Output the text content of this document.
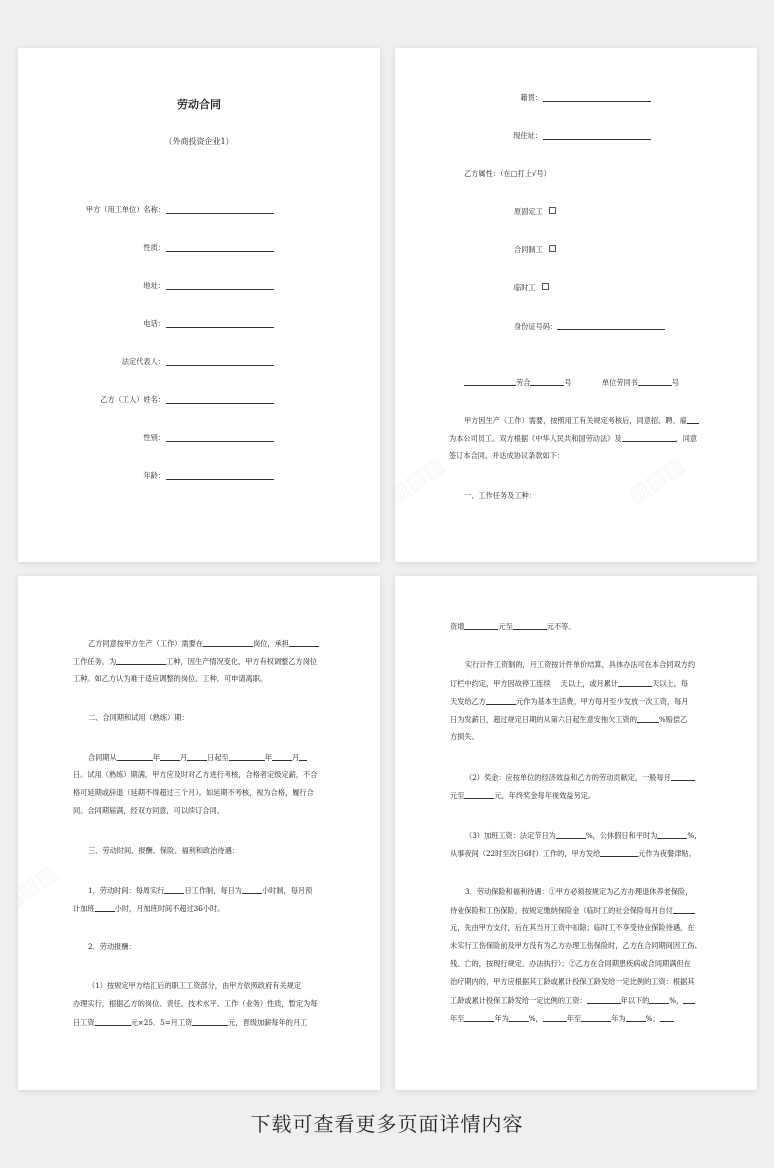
劳动合同
（外商投资企业1）
甲方（用工单位）名称：
性质：
地址：
电话：
法定代表人：
乙方（工人）姓名：
性别：
年龄：
籍贯：
现住址：
乙方属性：（在□打上√号）
原固定工
合同制工
临时工
身份证号码：
劳合	号	单位劳同书	号
甲方因生产（工作）需要，按照用工有关规定考核后，同意招、聘、雇
为本公司员工。双方根据《中华人民共和国劳动法》及	，同意
签订本合同，并达成协议条款如下：
一、工作任务及工种：
乙方同意按甲方生产（工作）需要在	岗位，承担
工作任务，为	工种，因生产情况变化，甲方有权调整乙方岗位
工种。如乙方认为难于适应调整的岗位、工种，可申请离职。
二、合同期和试用（熟练）期：
合同期从	年	月	日起至	年	月
日。试用（熟练）期满，甲方应及时对乙方进行考核，合格者定级定薪，不合
格可延期或辞退（延期不得超过三个月）。如延期不考核，视为合格，履行合
同。合同期届满，经双方同意，可以续订合同。
三、劳动时间、报酬、保险、福利和政治待遇：
1．劳动时间：每周实行	日工作制，每日为	小时制，每月预
计加班	小时，月加班时间不超过36小时。
2．劳动报酬：
（1）按规定甲方结汇后的职工工资部分，由甲方依照政府有关规定
办理实行，根据乙方的岗位、责任、技术水平、工作（业务）性质，暂定为每
日工资	元×25．5=月工资	元，晋级加薪每年的月工
资增	元至	元不等。
实行计件工资制的，月工资按计件单价结算，具体办法可在本合同双方约
订栏中约定，甲方因故停工连续 天以上，或月累计	天以上，每
天发给乙方	元作为基本生活费。甲方每月至少发放一次工资，每月
日为发薪日，超过规定日期的从第六日起生意安拖欠工资的	%赔偿乙
方损失。
（2）奖金：应按单位的经济效益和乙方的劳动贡献定，一般每月
元至	元，年终奖金每年视效益另定。
（3）加班工资：法定节日为	%，公休假日和平时为	%，
从事夜间（22时至次日6时）工作的，甲方发给	元作为夜餐津贴。
3．劳动保险和福利待遇：①甲方必须按规定为乙方办理退休养老保险，
待业保险和工伤保险，按规定缴纳保险金（临时工的社会保险每月自付
元，先由甲方支付，后在其当月工资中扣除；临时工不享受待业保险待遇，在
未实行工伤保险前及甲方没有为乙方办理工伤保险时，乙方在合同期间因工伤、
残、亡的，按现行规定、办法执行）；②乙方在合同期患疾病或合同期满但在
治疗期内的，甲方应根据其工龄或累计投保工龄发给一定比例的工资：根据其
工龄或累计投保工龄发给一定比例的工资：	年以下的	%，
年至	年为	%，	年至	年为	%；
下载可查看更多页面详情内容
